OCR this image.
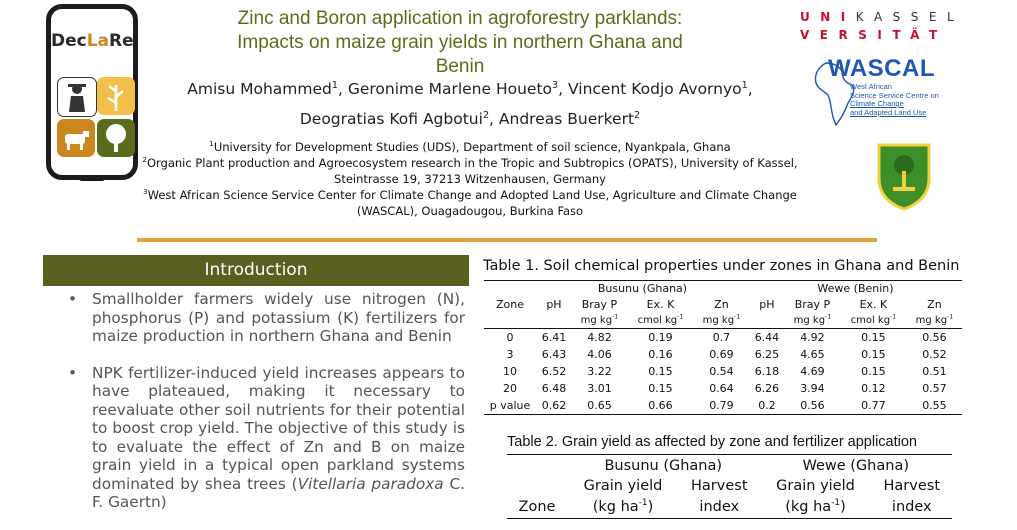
DecLaRe
Zinc and Boron application in agroforestry parklands:
Impacts on maize grain yields in northern Ghana and
Benin
Amisu Mohammed$^1$, Geronime Marlene Houeto$^3$, Vincent Kodjo Avornyo$^1$,
Deogratias Kofi Agbotui$^2$, Andreas Buerkert$^2$
$^1$University for Development Studies (UDS), Department of soil science, Nyankpala, Ghana
$^2$Organic Plant production and Agroecosystem research in the Tropic and Subtropics (OPATS), University of Kassel, Steintrasse 19, 37213 Witzenhausen, Germany
$^3$West African Science Service Center for Climate Change and Adopted Land Use, Agriculture and Climate Change (WASCAL), Ouagadougou, Burkina Faso
UNIKASSEL
VERSITÄT
WASCAL
West African
Science Service Centre on
Climate Change
and Adapted Land Use
Introduction
• Smallholder farmers widely use nitrogen (N), phosphorus (P) and potassium (K) fertilizers for maize production in northern Ghana and Benin
• NPK fertilizer-induced yield increases appears to have plateaued, making it necessary to reevaluate other soil nutrients for their potential to boost crop yield. The objective of this study is to evaluate the effect of Zn and B on maize grain yield in a typical open parkland systems dominated by shea trees (Vitellaria paradoxa C. F. Gaertn)
Table 1. Soil chemical properties under zones in Ghana and Benin
	Busunu (Ghana)				Wewe (Benin)			
Zone	pH	Bray P	Ex. K	Zn	pH	Bray P	Ex. K	Zn
		mg $kg^{-1}$	cmol $kg^{-1}$	mg $kg^{-1}$		mg $kg^{-1}$	cmol $kg^{-1}$	mg $kg^{-1}$
0	6.41	4.82	0.19	0.7	6.44	4.92	0.15	0.56
3	6.43	4.06	0.16	0.69	6.25	4.65	0.15	0.52
10	6.52	3.22	0.15	0.54	6.18	4.69	0.15	0.51
20	6.48	3.01	0.15	0.64	6.26	3.94	0.12	0.57
p value	0.62	0.65	0.66	0.79	0.2	0.56	0.77	0.55
Table 2. Grain yield as affected by zone and fertilizer application
	Busunu (Ghana)		Wewe (Ghana)	
	Grain yield	Harvest	Grain yield	Harvest
Zone	(kg $ha^{-1}$)	index	(kg $ha^{-1}$)	index
